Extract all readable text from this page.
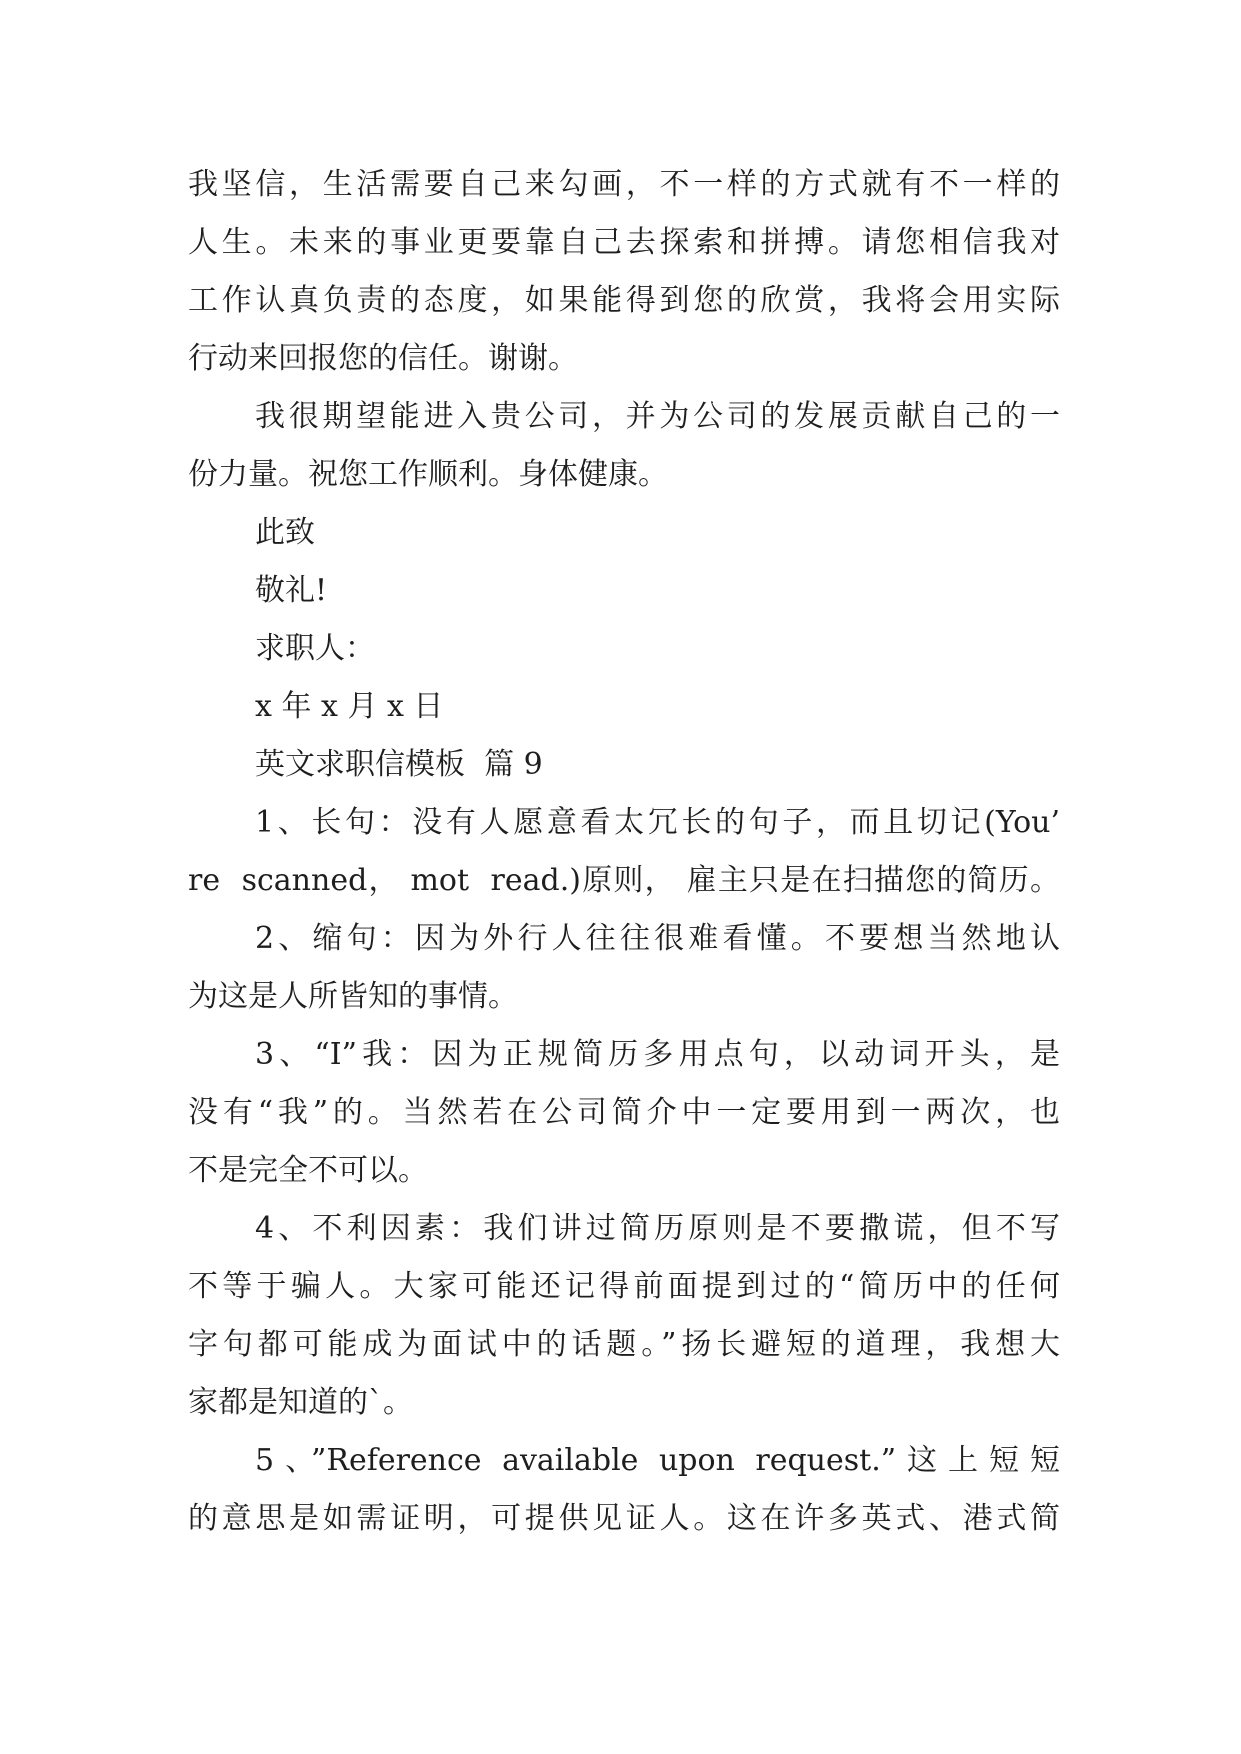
我坚信，生活需要自己来勾画，不一样的方式就有不一样的
人生。未来的事业更要靠自己去探索和拼搏。请您相信我对
工作认真负责的态度，如果能得到您的欣赏，我将会用实际
行动来回报您的信任。谢谢。
我很期望能进入贵公司，并为公司的发展贡献自己的一
份力量。祝您工作顺利。身体健康。
此致
敬礼!
求职人：
x 年 x 月 x 日
英文求职信模板  篇 9
1、长句：没有人愿意看太冗长的句子，而且切记(You’
re  scanned， mot  read.)原则， 雇主只是在扫描您的简历。
2、缩句：因为外行人往往很难看懂。不要想当然地认
为这是人所皆知的事情。
3、“I”我：因为正规简历多用点句，以动词开头，是
没有“我”的。当然若在公司简介中一定要用到一两次，也
不是完全不可以。
4、不利因素：我们讲过简历原则是不要撒谎，但不写
不等于骗人。大家可能还记得前面提到过的“简历中的任何
字句都可能成为面试中的话题。”扬长避短的道理，我想大
家都是知道的`。
5、”Reference available upon request.”这上短短
的意思是如需证明，可提供见证人。这在许多英式、港式简
